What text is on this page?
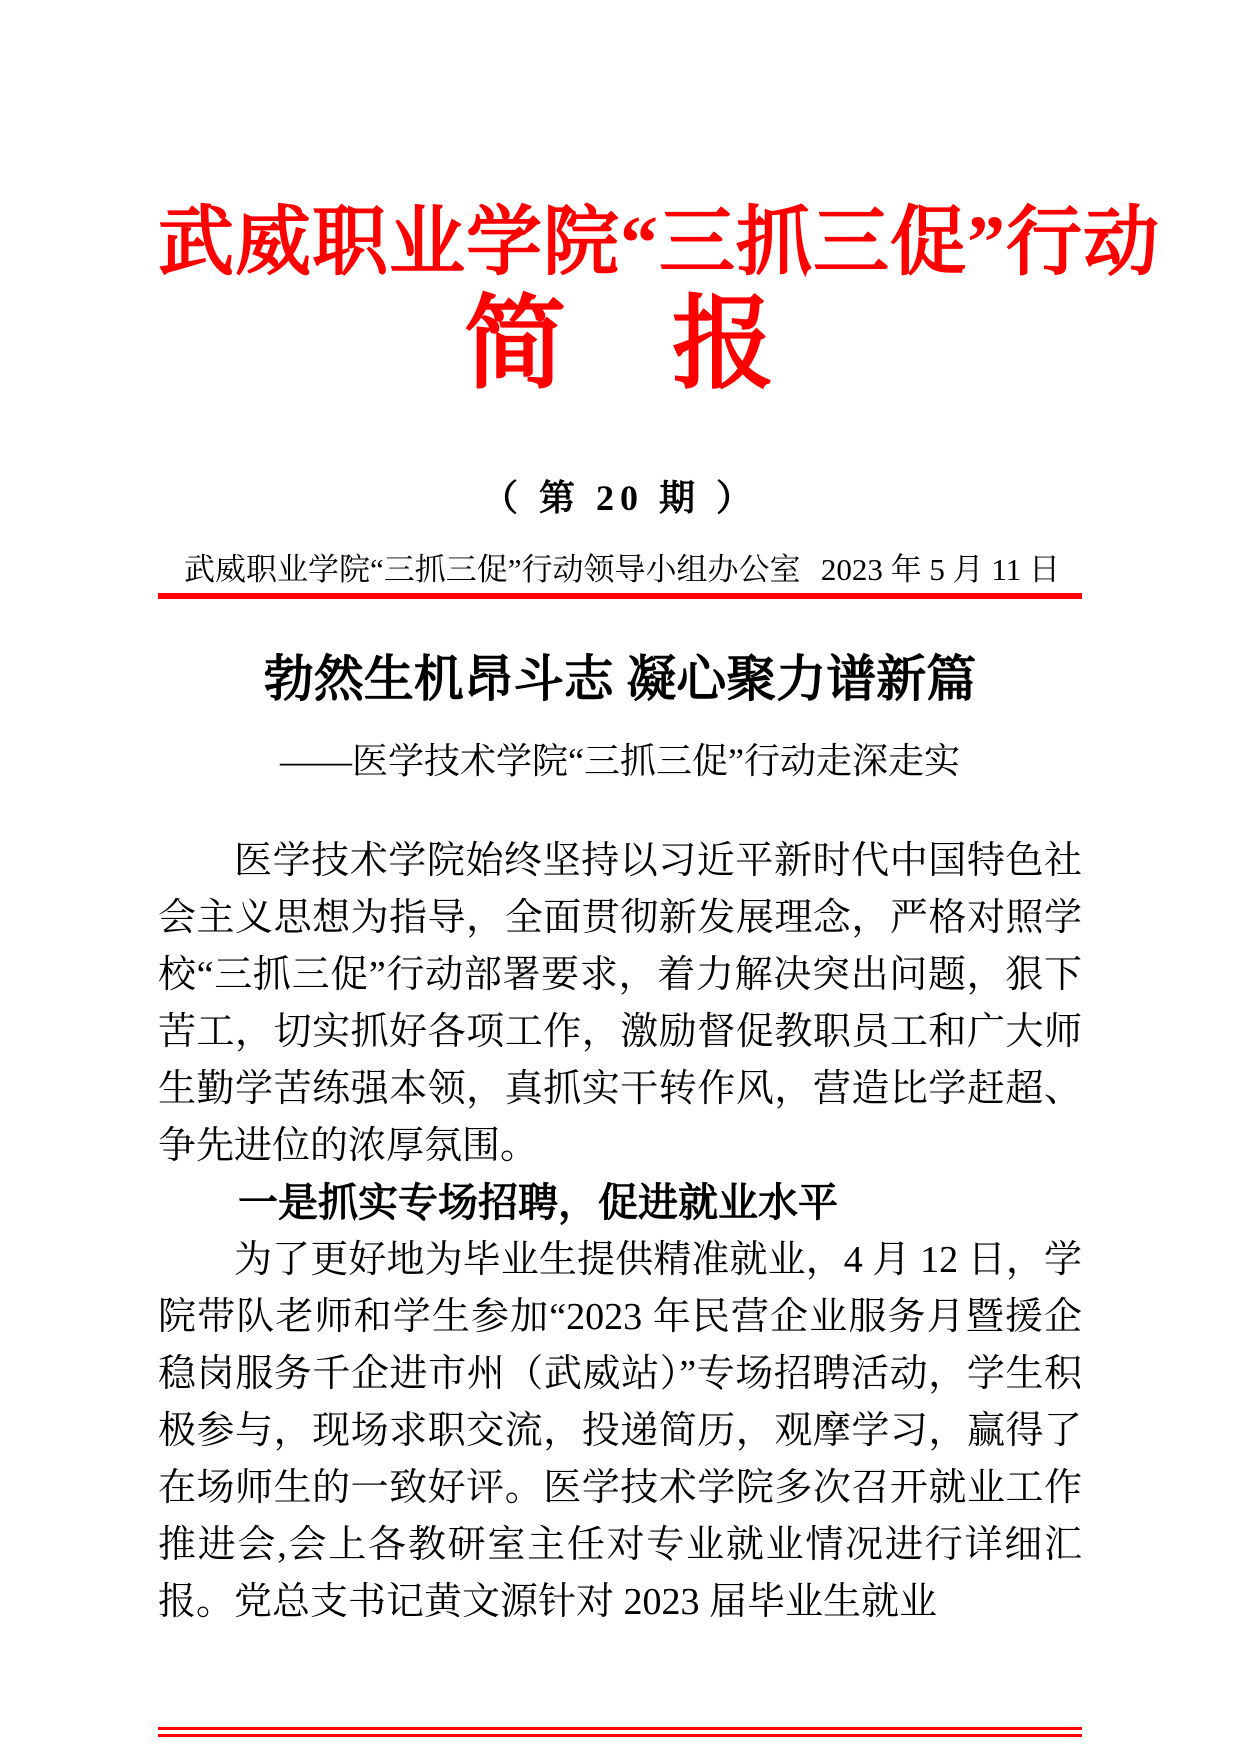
武威职业学院“三抓三促”行动
简　报
（ 第 20 期 ）
武威职业学院“三抓三促”行动领导小组办公室 2023 年 5 月 11 日
勃然生机昂斗志 凝心聚力谱新篇
——医学技术学院“三抓三促”行动走深走实

医学技术学院始终坚持以习近平新时代中国特色社会主义思想为指导，全面贯彻新发展理念，严格对照学校“三抓三促”行动部署要求，着力解决突出问题，狠下苦工，切实抓好各项工作，激励督促教职员工和广大师生勤学苦练强本领，真抓实干转作风，营造比学赶超、争先进位的浓厚氛围。

一是抓实专场招聘，促进就业水平

为了更好地为毕业生提供精准就业，4 月 12 日，学院带队老师和学生参加“2023 年民营企业服务月暨援企稳岗服务千企进市州（武威站）”专场招聘活动，学生积极参与，现场求职交流，投递简历，观摩学习，赢得了在场师生的一致好评。医学技术学院多次召开就业工作推进会,会上各教研室主任对专业就业情况进行详细汇报。党总支书记黄文源针对 2023 届毕业生就业
